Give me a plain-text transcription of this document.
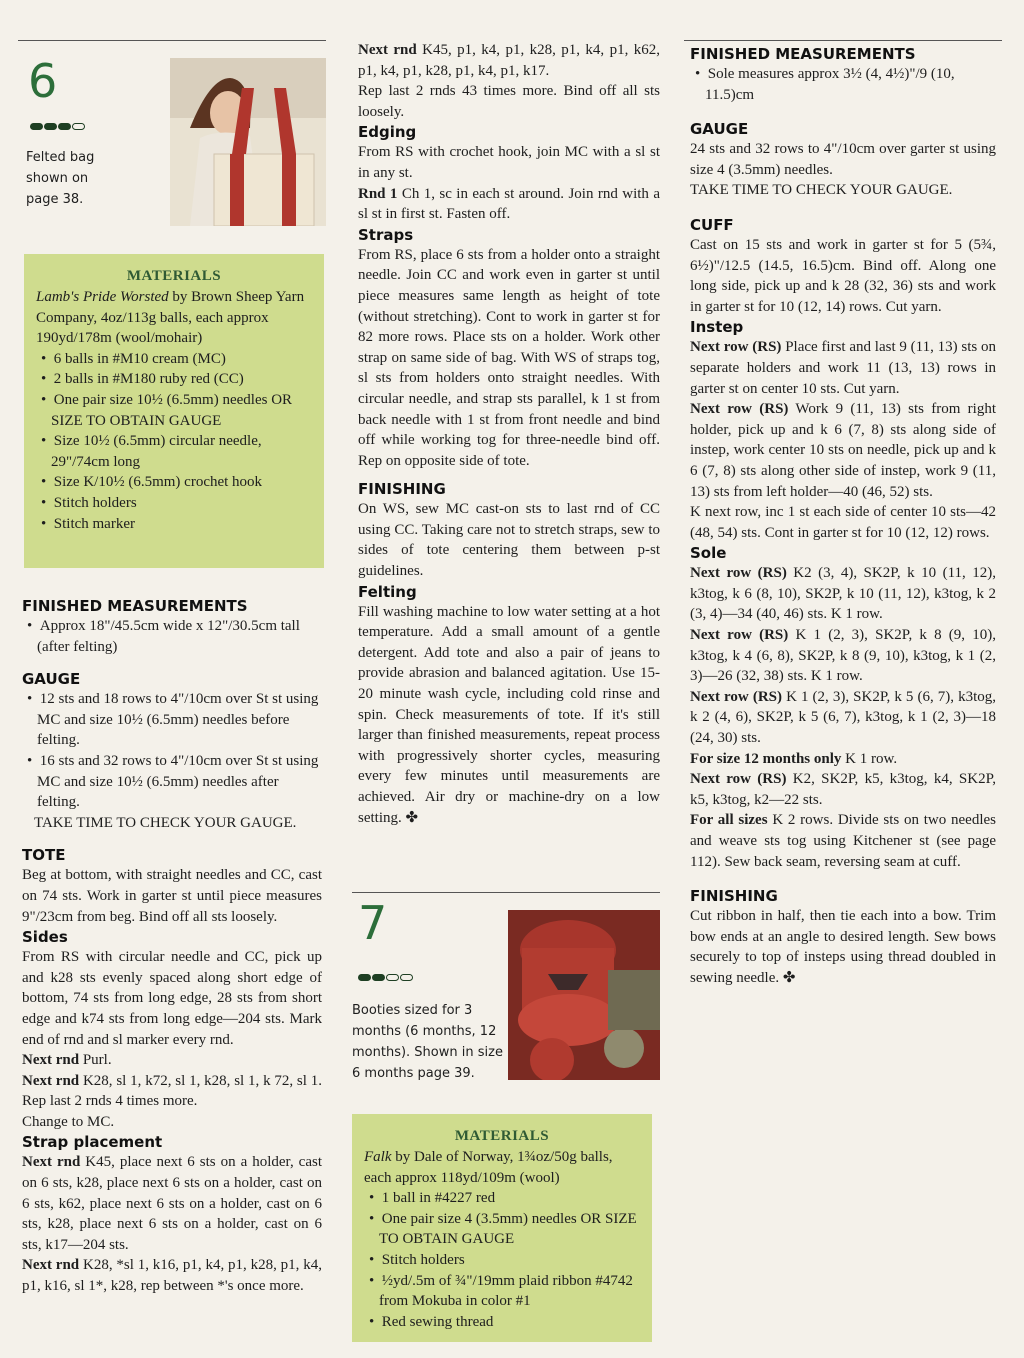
6
Felted bag
shown on
page 38.
MATERIALS

Lamb's Pride Worsted by Brown Sheep Yarn Company, 4oz/113g balls, each approx 190yd/178m (wool/mohair)

•  6 balls in #M10 cream (MC)
•  2 balls in #M180 ruby red (CC)
•  One pair size 10½ (6.5mm) needles OR SIZE TO OBTAIN GAUGE
•  Size 10½ (6.5mm) circular needle, 29"/74cm long
•  Size K/10½ (6.5mm) crochet hook
•  Stitch holders
•  Stitch marker
FINISHED MEASUREMENTS
•  Approx 18"/45.5cm wide x 12"/30.5cm tall (after felting)
GAUGE
•  12 sts and 18 rows to 4"/10cm over St st using MC and size 10½ (6.5mm) needles before felting.
•  16 sts and 32 rows to 4"/10cm over St st using MC and size 10½ (6.5mm) needles after felting.

TAKE TIME TO CHECK YOUR GAUGE.

TOTE

Beg at bottom, with straight needles and CC, cast on 74 sts. Work in garter st until piece measures 9"/23cm from beg. Bind off all sts loosely.

Sides

From RS with circular needle and CC, pick up and k28 sts evenly spaced along short edge of bottom, 74 sts from long edge, 28 sts from short edge and k74 sts from long edge—204 sts. Mark end of rnd and sl marker every rnd.

Next rnd Purl.

Next rnd K28, sl 1, k72, sl 1, k28, sl 1, k 72, sl 1. Rep last 2 rnds 4 times more.

Change to MC.

Strap placement

Next rnd K45, place next 6 sts on a holder, cast on 6 sts, k28, place next 6 sts on a holder, cast on 6 sts, k62, place next 6 sts on a holder, cast on 6 sts, k28, place next 6 sts on a holder, cast on 6 sts, k17—204 sts.

Next rnd K28, *sl 1, k16, p1, k4, p1, k28, p1, k4, p1, k16, sl 1*, k28, rep between *'s once more.

Next rnd K45, p1, k4, p1, k28, p1, k4, p1, k62, p1, k4, p1, k28, p1, k4, p1, k17.

Rep last 2 rnds 43 times more. Bind off all sts loosely.

Edging

From RS with crochet hook, join MC with a sl st in any st.

Rnd 1 Ch 1, sc in each st around. Join rnd with a sl st in first st. Fasten off.

Straps

From RS, place 6 sts from a holder onto a straight needle. Join CC and work even in garter st until piece measures same length as height of tote (without stretching). Cont to work in garter st for 82 more rows. Place sts on a holder. Work other strap on same side of bag. With WS of straps tog, sl sts from holders onto straight needles. With circular needle, and strap sts parallel, k 1 st from back needle with 1 st from front needle and bind off while working tog for three-needle bind off. Rep on opposite side of tote.

FINISHING

On WS, sew MC cast-on sts to last rnd of CC using CC. Taking care not to stretch straps, sew to sides of tote centering them between p-st guidelines.

Felting

Fill washing machine to low water setting at a hot temperature. Add a small amount of a gentle detergent. Add tote and also a pair of jeans to provide abrasion and balanced agitation. Use 15-20 minute wash cycle, including cold rinse and spin. Check measurements of tote. If it's still larger than finished measurements, repeat process with progressively shorter cycles, measuring every few minutes until measurements are achieved. Air dry or machine-dry on a low setting. ✤

7
Booties sized for 3
months (6 months, 12
months). Shown in size
6 months page 39.
MATERIALS

Falk by Dale of Norway, 1¾oz/50g balls, each approx 118yd/109m (wool)

•  1 ball in #4227 red
•  One pair size 4 (3.5mm) needles OR SIZE TO OBTAIN GAUGE
•  Stitch holders
•  ½yd/.5m of ¾"/19mm plaid ribbon #4742 from Mokuba in color #1
•  Red sewing thread
FINISHED MEASUREMENTS
•  Sole measures approx 3½ (4, 4½)"/9 (10, 11.5)cm
GAUGE

24 sts and 32 rows to 4"/10cm over garter st using size 4 (3.5mm) needles.

TAKE TIME TO CHECK YOUR GAUGE.

CUFF

Cast on 15 sts and work in garter st for 5 (5¾, 6½)"/12.5 (14.5, 16.5)cm. Bind off. Along one long side, pick up and k 28 (32, 36) sts and work in garter st for 10 (12, 14) rows. Cut yarn.

Instep

Next row (RS) Place first and last 9 (11, 13) sts on separate holders and work 11 (13, 13) rows in garter st on center 10 sts. Cut yarn.

Next row (RS) Work 9 (11, 13) sts from right holder, pick up and k 6 (7, 8) sts along side of instep, work center 10 sts on needle, pick up and k 6 (7, 8) sts along other side of instep, work 9 (11, 13) sts from left holder—40 (46, 52) sts.

K next row, inc 1 st each side of center 10 sts—42 (48, 54) sts. Cont in garter st for 10 (12, 12) rows.

Sole

Next row (RS) K2 (3, 4), SK2P, k 10 (11, 12), k3tog, k 6 (8, 10), SK2P, k 10 (11, 12), k3tog, k 2 (3, 4)—34 (40, 46) sts. K 1 row.

Next row (RS) K 1 (2, 3), SK2P, k 8 (9, 10), k3tog, k 4 (6, 8), SK2P, k 8 (9, 10), k3tog, k 1 (2, 3)—26 (32, 38) sts. K 1 row.

Next row (RS) K 1 (2, 3), SK2P, k 5 (6, 7), k3tog, k 2 (4, 6), SK2P, k 5 (6, 7), k3tog, k 1 (2, 3)—18 (24, 30) sts.

For size 12 months only K 1 row.

Next row (RS) K2, SK2P, k5, k3tog, k4, SK2P, k5, k3tog, k2—22 sts.

For all sizes K 2 rows. Divide sts on two needles and weave sts tog using Kitchener st (see page 112). Sew back seam, reversing seam at cuff.

FINISHING

Cut ribbon in half, then tie each into a bow. Trim bow ends at an angle to desired length. Sew bows securely to top of insteps using thread doubled in sewing needle. ✤
